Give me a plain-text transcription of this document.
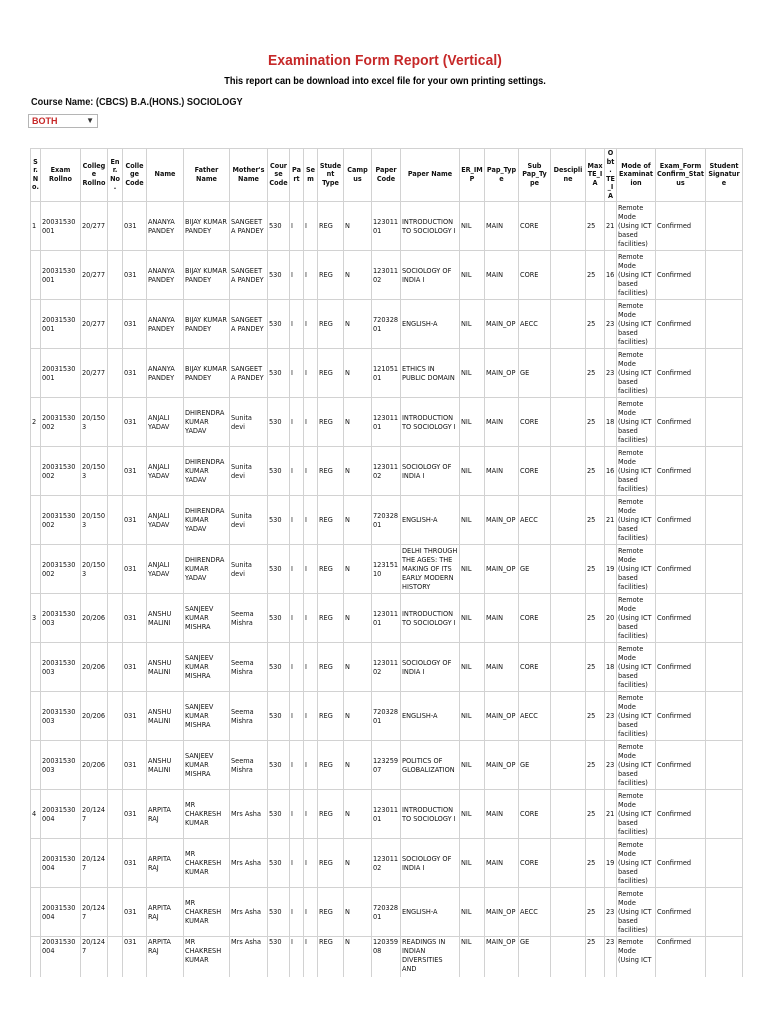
Examination Form Report (Vertical)
This report can be download into excel file for your own printing settings.
Course Name: (CBCS) B.A.(HONS.) SOCIOLOGY
BOTH	▼
Sr. No.	Exam Rollno	College Rollno	Enr. No.	College Code	Name	Father Name	Mother's Name	Course Code	Part	Sem	Student Type	Campus	Paper Code	Paper Name	ER_IMP	Pap_Type	Sub Pap_Type	Descipline	Max TE_IA	Obt. TE_IA	Mode of Examination	Exam_Form Confirm_Status	Student Signature
1	20031530001	20/277		031	ANANYA PANDEY	BIJAY KUMAR PANDEY	SANGEETA PANDEY	530	I	I	REG	N	12301101	INTRODUCTION TO SOCIOLOGY I	NIL	MAIN	CORE		25	21	Remote Mode (Using ICT based facilities)	Confirmed	
	20031530001	20/277		031	ANANYA PANDEY	BIJAY KUMAR PANDEY	SANGEETA PANDEY	530	I	I	REG	N	12301102	SOCIOLOGY OF INDIA I	NIL	MAIN	CORE		25	16	Remote Mode (Using ICT based facilities)	Confirmed	
	20031530001	20/277		031	ANANYA PANDEY	BIJAY KUMAR PANDEY	SANGEETA PANDEY	530	I	I	REG	N	72032801	ENGLISH-A	NIL	MAIN_OP	AECC		25	23	Remote Mode (Using ICT based facilities)	Confirmed	
	20031530001	20/277		031	ANANYA PANDEY	BIJAY KUMAR PANDEY	SANGEETA PANDEY	530	I	I	REG	N	12105101	ETHICS IN PUBLIC DOMAIN	NIL	MAIN_OP	GE		25	23	Remote Mode (Using ICT based facilities)	Confirmed	
2	20031530002	20/1503		031	ANJALI YADAV	DHIRENDRA KUMAR YADAV	Sunita devi	530	I	I	REG	N	12301101	INTRODUCTION TO SOCIOLOGY I	NIL	MAIN	CORE		25	18	Remote Mode (Using ICT based facilities)	Confirmed	
	20031530002	20/1503		031	ANJALI YADAV	DHIRENDRA KUMAR YADAV	Sunita devi	530	I	I	REG	N	12301102	SOCIOLOGY OF INDIA I	NIL	MAIN	CORE		25	16	Remote Mode (Using ICT based facilities)	Confirmed	
	20031530002	20/1503		031	ANJALI YADAV	DHIRENDRA KUMAR YADAV	Sunita devi	530	I	I	REG	N	72032801	ENGLISH-A	NIL	MAIN_OP	AECC		25	21	Remote Mode (Using ICT based facilities)	Confirmed	
	20031530002	20/1503		031	ANJALI YADAV	DHIRENDRA KUMAR YADAV	Sunita devi	530	I	I	REG	N	12315110	DELHI THROUGH THE AGES: THE MAKING OF ITS EARLY MODERN HISTORY	NIL	MAIN_OP	GE		25	19	Remote Mode (Using ICT based facilities)	Confirmed	
3	20031530003	20/206		031	ANSHU MALINI	SANJEEV KUMAR MISHRA	Seema Mishra	530	I	I	REG	N	12301101	INTRODUCTION TO SOCIOLOGY I	NIL	MAIN	CORE		25	20	Remote Mode (Using ICT based facilities)	Confirmed	
	20031530003	20/206		031	ANSHU MALINI	SANJEEV KUMAR MISHRA	Seema Mishra	530	I	I	REG	N	12301102	SOCIOLOGY OF INDIA I	NIL	MAIN	CORE		25	18	Remote Mode (Using ICT based facilities)	Confirmed	
	20031530003	20/206		031	ANSHU MALINI	SANJEEV KUMAR MISHRA	Seema Mishra	530	I	I	REG	N	72032801	ENGLISH-A	NIL	MAIN_OP	AECC		25	23	Remote Mode (Using ICT based facilities)	Confirmed	
	20031530003	20/206		031	ANSHU MALINI	SANJEEV KUMAR MISHRA	Seema Mishra	530	I	I	REG	N	12325907	POLITICS OF GLOBALIZATION	NIL	MAIN_OP	GE		25	23	Remote Mode (Using ICT based facilities)	Confirmed	
4	20031530004	20/1247		031	ARPITA RAJ	MR CHAKRESH KUMAR	Mrs Asha	530	I	I	REG	N	12301101	INTRODUCTION TO SOCIOLOGY I	NIL	MAIN	CORE		25	21	Remote Mode (Using ICT based facilities)	Confirmed	
	20031530004	20/1247		031	ARPITA RAJ	MR CHAKRESH KUMAR	Mrs Asha	530	I	I	REG	N	12301102	SOCIOLOGY OF INDIA I	NIL	MAIN	CORE		25	19	Remote Mode (Using ICT based facilities)	Confirmed	
	20031530004	20/1247		031	ARPITA RAJ	MR CHAKRESH KUMAR	Mrs Asha	530	I	I	REG	N	72032801	ENGLISH-A	NIL	MAIN_OP	AECC		25	23	Remote Mode (Using ICT based facilities)	Confirmed	
	20031530004	20/1247		031	ARPITA RAJ	MR CHAKRESH KUMAR	Mrs Asha	530	I	I	REG	N	12035908	READINGS IN INDIAN DIVERSITIES AND	NIL	MAIN_OP	GE		25	23	Remote Mode (Using ICT	Confirmed	
